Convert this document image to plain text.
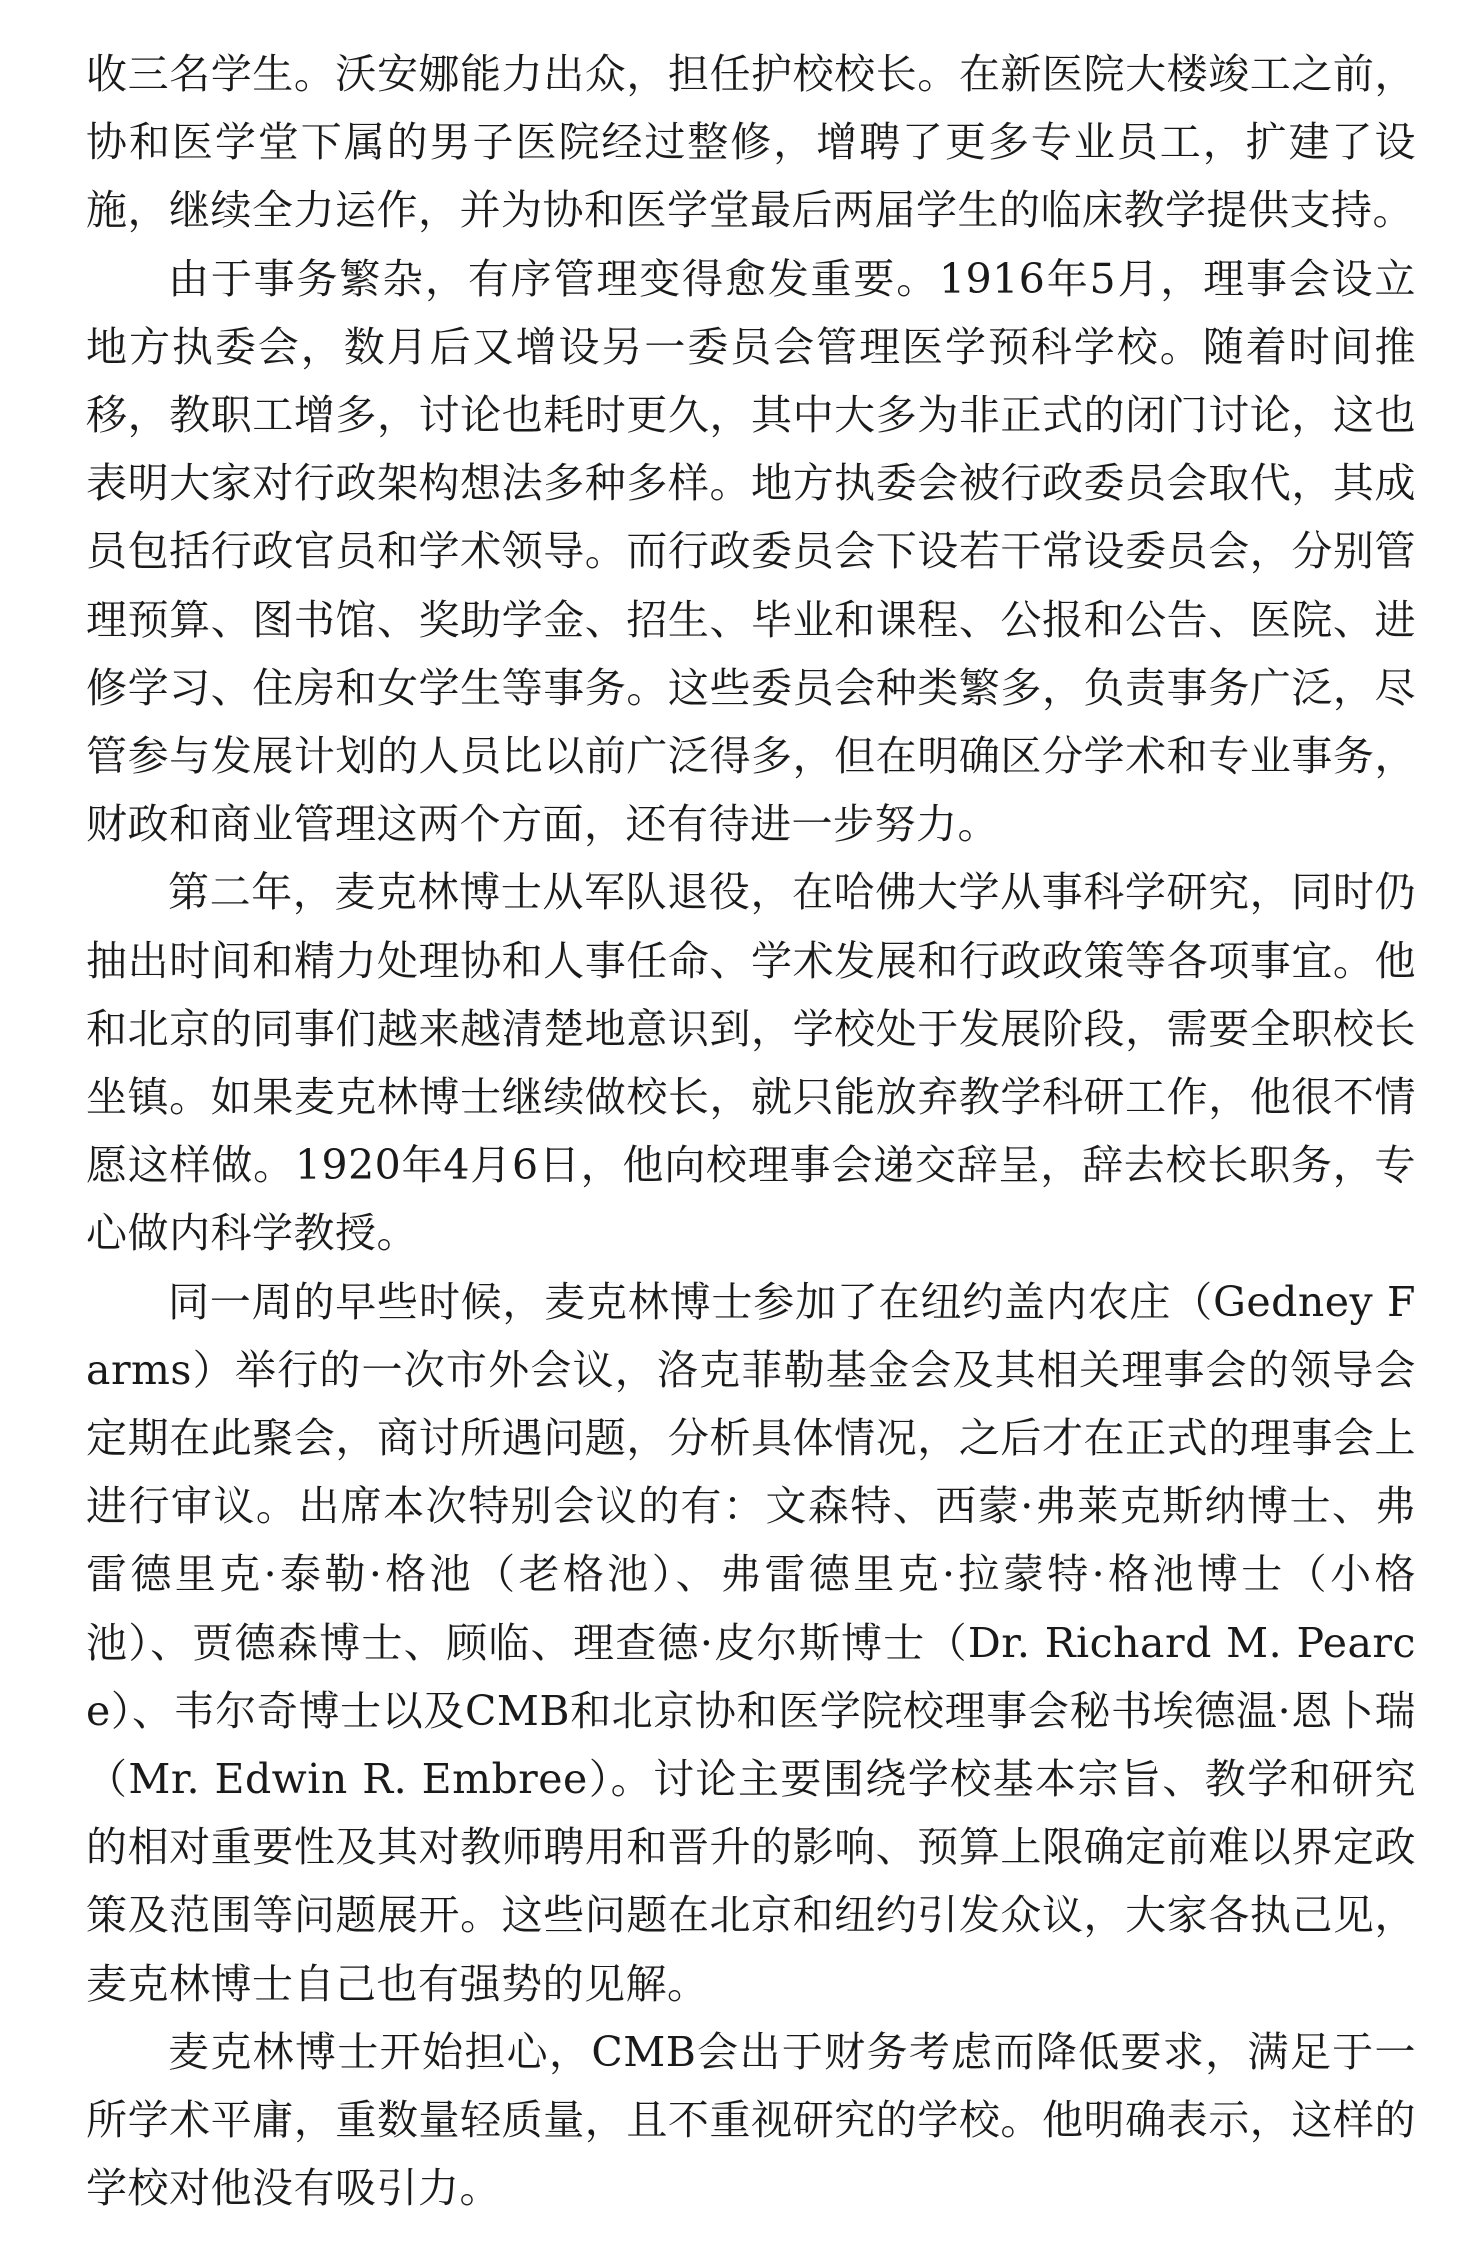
收三名学生。沃安娜能力出众，担任护校校长。在新医院大楼竣工之前，协和医学堂下属的男子医院经过整修，增聘了更多专业员工，扩建了设施，继续全力运作，并为协和医学堂最后两届学生的临床教学提供支持。

由于事务繁杂，有序管理变得愈发重要。1916年5月，理事会设立地方执委会，数月后又增设另一委员会管理医学预科学校。随着时间推移，教职工增多，讨论也耗时更久，其中大多为非正式的闭门讨论，这也表明大家对行政架构想法多种多样。地方执委会被行政委员会取代，其成员包括行政官员和学术领导。而行政委员会下设若干常设委员会，分别管理预算、图书馆、奖助学金、招生、毕业和课程、公报和公告、医院、进修学习、住房和女学生等事务。这些委员会种类繁多，负责事务广泛，尽管参与发展计划的人员比以前广泛得多，但在明确区分学术和专业事务，财政和商业管理这两个方面，还有待进一步努力。

第二年，麦克林博士从军队退役，在哈佛大学从事科学研究，同时仍抽出时间和精力处理协和人事任命、学术发展和行政政策等各项事宜。他和北京的同事们越来越清楚地意识到，学校处于发展阶段，需要全职校长坐镇。如果麦克林博士继续做校长，就只能放弃教学科研工作，他很不情愿这样做。1920年4月6日，他向校理事会递交辞呈，辞去校长职务，专心做内科学教授。

同一周的早些时候，麦克林博士参加了在纽约盖内农庄（Gedney Farms）举行的一次市外会议，洛克菲勒基金会及其相关理事会的领导会定期在此聚会，商讨所遇问题，分析具体情况，之后才在正式的理事会上进行审议。出席本次特别会议的有：文森特、西蒙·弗莱克斯纳博士、弗雷德里克·泰勒·格池（老格池）、弗雷德里克·拉蒙特·格池博士（小格池）、贾德森博士、顾临、理查德·皮尔斯博士（Dr. Richard M. Pearce）、韦尔奇博士以及CMB和北京协和医学院校理事会秘书埃德温·恩卜瑞（Mr. Edwin R. Embree）。讨论主要围绕学校基本宗旨、教学和研究的相对重要性及其对教师聘用和晋升的影响、预算上限确定前难以界定政策及范围等问题展开。这些问题在北京和纽约引发众议，大家各执己见，麦克林博士自己也有强势的见解。

麦克林博士开始担心，CMB会出于财务考虑而降低要求，满足于一所学术平庸，重数量轻质量，且不重视研究的学校。他明确表示，这样的学校对他没有吸引力。
